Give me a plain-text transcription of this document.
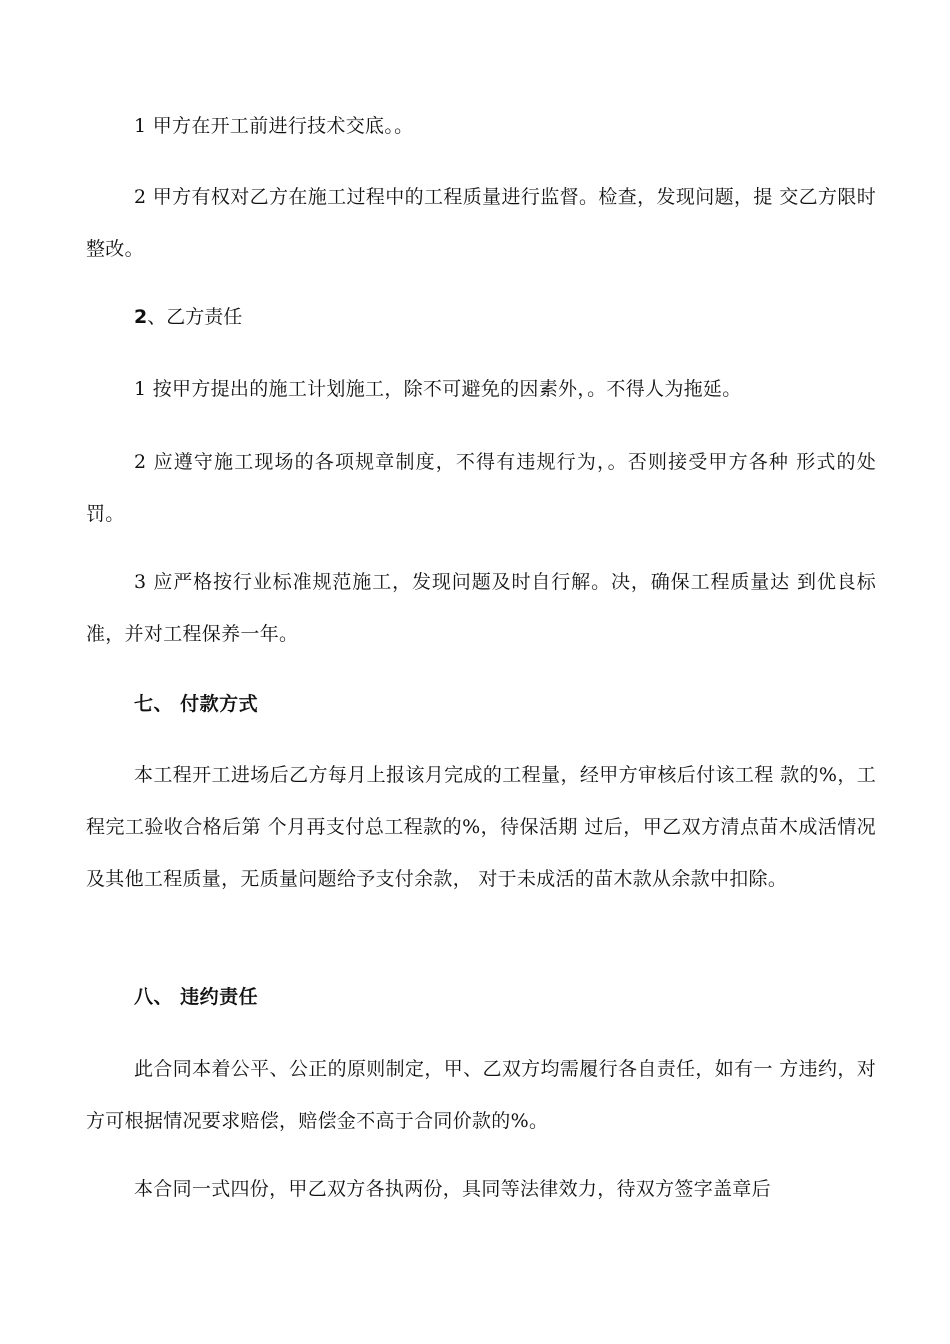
1 甲方在开工前进行技术交底。。

2 甲方有权对乙方在施工过程中的工程质量进行监督。检查，发现问题，提 交乙方限时整改。

2、乙方责任

1 按甲方提出的施工计划施工，除不可避免的因素外，。不得人为拖延。

2 应遵守施工现场的各项规章制度，不得有违规行为，。否则接受甲方各种 形式的处罚。

3 应严格按行业标准规范施工，发现问题及时自行解。决，确保工程质量达 到优良标准，并对工程保养一年。

七、 付款方式

本工程开工进场后乙方每月上报该月完成的工程量，经甲方审核后付该工程 款的%，工程完工验收合格后第 个月再支付总工程款的%，待保活期 过后，甲乙双方清点苗木成活情况及其他工程质量，无质量问题给予支付余款， 对于未成活的苗木款从余款中扣除。

八、 违约责任

此合同本着公平、公正的原则制定，甲、乙双方均需履行各自责任，如有一 方违约，对方可根据情况要求赔偿，赔偿金不高于合同价款的%。

本合同一式四份，甲乙双方各执两份，具同等法律效力，待双方签字盖章后
